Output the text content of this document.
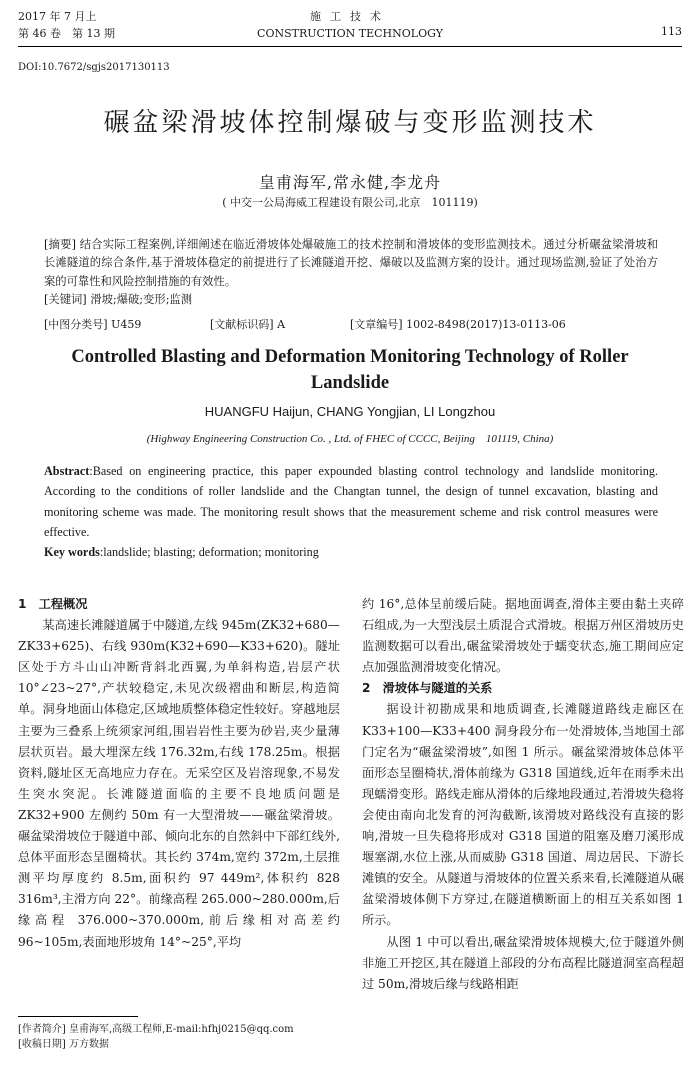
2017 年 7 月上
第 46 卷　第 13 期
施工技术
CONSTRUCTION TECHNOLOGY	113
DOI:10.7672/sgjs2017130113
碾盆梁滑坡体控制爆破与变形监测技术
皇甫海军,常永健,李龙舟
( 中交一公局海威工程建设有限公司,北京　101119)

[摘要] 结合实际工程案例,详细阐述在临近滑坡体处爆破施工的技术控制和滑坡体的变形监测技术。通过分析碾盆梁滑坡和长滩隧道的综合条件,基于滑坡体稳定的前提进行了长滩隧道开挖、爆破以及监测方案的设计。通过现场监测,验证了处治方案的可靠性和风险控制措施的有效性。

[关键词] 滑坡;爆破;变形;监测

[中图分类号] U459	[文献标识码] A	[文章编号] 1002-8498(2017)13-0113-06
Controlled Blasting and Deformation Monitoring Technology of Roller Landslide
HUANGFU Haijun, CHANG Yongjian, LI Longzhou
(Highway Engineering Construction Co. , Ltd. of FHEC of CCCC, Beijing　101119, China)

Abstract:Based on engineering practice, this paper expounded blasting control technology and landslide monitoring. According to the conditions of roller landslide and the Changtan tunnel, the design of tunnel excavation, blasting and monitoring scheme was made. The monitoring result shows that the measurement scheme and risk control measures were effective.

Key words:landslide; blasting; deformation; monitoring

1　工程概况

某高速长滩隧道属于中隧道,左线 945m(ZK32+680—ZK33+625)、右线 930m(K32+690—K33+620)。隧址区处于方斗山山冲断背斜北西翼,为单斜构造,岩层产状 10°∠23~27°,产状较稳定,未见次级褶曲和断层,构造简单。洞身地面山体稳定,区域地质整体稳定性较好。穿越地层主要为三叠系上统须家河组,围岩岩性主要为砂岩,夹少量薄层状页岩。最大埋深左线 176.32m,右线 178.25m。根据资料,隧址区无高地应力存在。无采空区及岩溶现象,不易发生突水突泥。长滩隧道面临的主要不良地质问题是 ZK32+900 左侧约 50m 有一大型滑坡——碾盆梁滑坡。碾盆梁滑坡位于隧道中部、倾向北东的自然斜中下部红线外,总体平面形态呈圈椅状。其长约 374m,宽约 372m,土层推测平均厚度约 8.5m,面积约 97 449m²,体积约 828 316m³,主滑方向 22°。前缘高程 265.000~280.000m,后缘高程 376.000~370.000m,前后缘相对高差约 96~105m,表面地形坡角 14°~25°,平均

约 16°,总体呈前缓后陡。据地面调查,滑体主要由黏土夹碎石组成,为一大型浅层土质混合式滑坡。根据万州区滑坡历史监测数据可以看出,碾盆梁滑坡处于蠕变状态,施工期间应定点加强监测滑坡变化情况。

2　滑坡体与隧道的关系

据设计初勘成果和地质调查,长滩隧道路线走廊区在 K33+100—K33+400 洞身段分布一处滑坡体,当地国土部门定名为“碾盆梁滑坡”,如图 1 所示。碾盆梁滑坡体总体平面形态呈圈椅状,滑体前缘为 G318 国道线,近年在雨季未出现蠕滑变形。路线走廊从滑体的后缘地段通过,若滑坡失稳将会使由南向北发育的河沟截断,该滑坡对路线没有直接的影响,滑坡一旦失稳将形成对 G318 国道的阻塞及磨刀溪形成堰塞湖,水位上涨,从而威胁 G318 国道、周边居民、下游长滩镇的安全。从隧道与滑坡体的位置关系来看,长滩隧道从碾盆梁滑坡体侧下方穿过,在隧道横断面上的相互关系如图 1 所示。

从图 1 中可以看出,碾盆梁滑坡体规模大,位于隧道外侧非施工开挖区,其在隧道上部段的分布高程比隧道洞室高程超过 50m,滑坡后缘与线路相距

[作者简介] 皇甫海军,高级工程师,E-mail:hfhj0215@qq.com
[收稿日期] 万方数据
